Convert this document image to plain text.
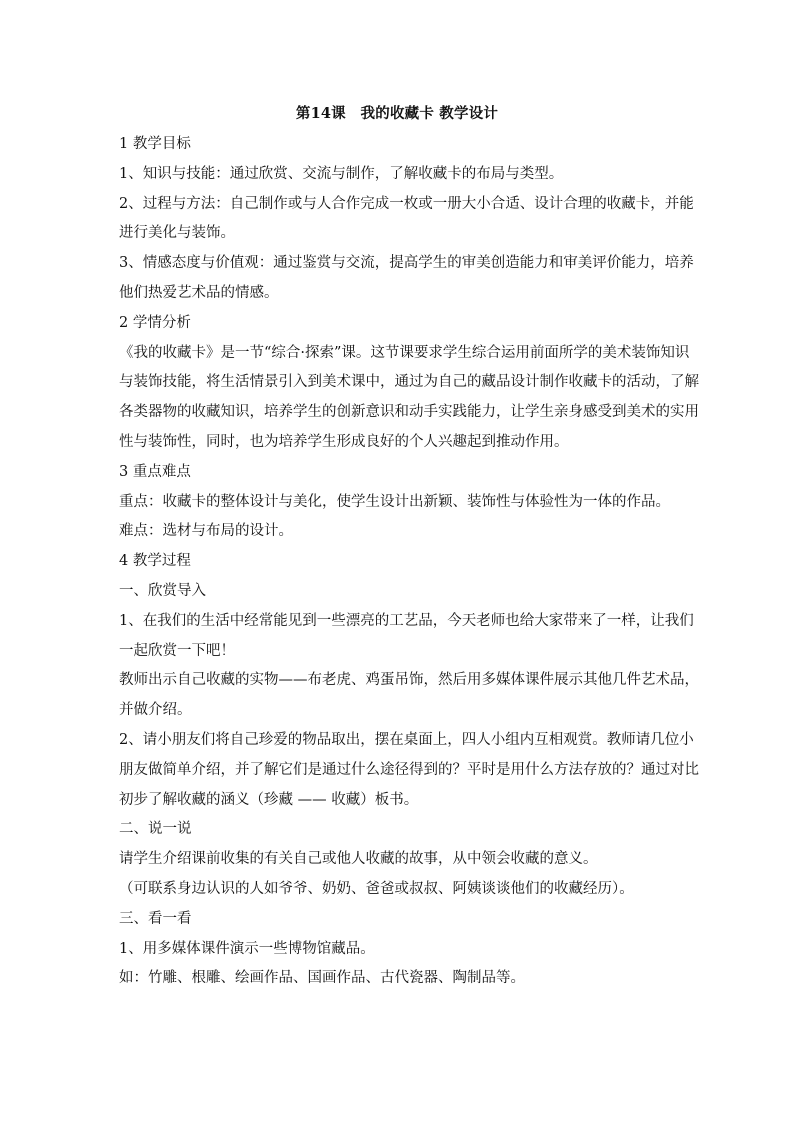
第14课　我的收藏卡 教学设计
1 教学目标
1、知识与技能：通过欣赏、交流与制作，了解收藏卡的布局与类型。
2、过程与方法：自己制作或与人合作完成一枚或一册大小合适、设计合理的收藏卡，并能
进行美化与装饰。
3、情感态度与价值观：通过鉴赏与交流，提高学生的审美创造能力和审美评价能力，培养
他们热爱艺术品的情感。
2 学情分析
《我的收藏卡》是一节“综合·探索”课。这节课要求学生综合运用前面所学的美术装饰知识
与装饰技能，将生活情景引入到美术课中，通过为自己的藏品设计制作收藏卡的活动，了解
各类器物的收藏知识，培养学生的创新意识和动手实践能力，让学生亲身感受到美术的实用
性与装饰性，同时，也为培养学生形成良好的个人兴趣起到推动作用。
3 重点难点
重点：收藏卡的整体设计与美化，使学生设计出新颖、装饰性与体验性为一体的作品。
难点：选材与布局的设计。
4 教学过程
一、欣赏导入
1、在我们的生活中经常能见到一些漂亮的工艺品，今天老师也给大家带来了一样，让我们
一起欣赏一下吧！
教师出示自己收藏的实物——布老虎、鸡蛋吊饰，然后用多媒体课件展示其他几件艺术品，
并做介绍。
2、请小朋友们将自己珍爱的物品取出，摆在桌面上，四人小组内互相观赏。教师请几位小
朋友做简单介绍，并了解它们是通过什么途径得到的？平时是用什么方法存放的？通过对比
初步了解收藏的涵义（珍藏 —— 收藏）板书。
二、说一说
请学生介绍课前收集的有关自己或他人收藏的故事，从中领会收藏的意义。
（可联系身边认识的人如爷爷、奶奶、爸爸或叔叔、阿姨谈谈他们的收藏经历）。
三、看一看
1、用多媒体课件演示一些博物馆藏品。
如：竹雕、根雕、绘画作品、国画作品、古代瓷器、陶制品等。
